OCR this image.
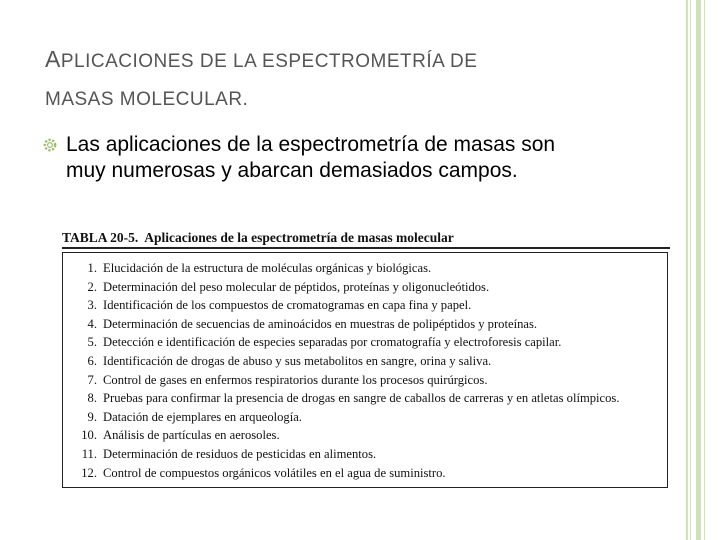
APLICACIONES DE LA ESPECTROMETRÍA DE
MASAS MOLECULAR.
Las aplicaciones de la espectrometría de masas son muy numerosas y abarcan demasiados campos.
TABLA 20-5. Aplicaciones de la espectrometría de masas molecular
1. Elucidación de la estructura de moléculas orgánicas y biológicas.
2. Determinación del peso molecular de péptidos, proteínas y oligonucleótidos.
3. Identificación de los compuestos de cromatogramas en capa fina y papel.
4. Determinación de secuencias de aminoácidos en muestras de polipéptidos y proteínas.
5. Detección e identificación de especies separadas por cromatografía y electroforesis capilar.
6. Identificación de drogas de abuso y sus metabolitos en sangre, orina y saliva.
7. Control de gases en enfermos respiratorios durante los procesos quirúrgicos.
8. Pruebas para confirmar la presencia de drogas en sangre de caballos de carreras y en atletas olímpicos.
9. Datación de ejemplares en arqueología.
10. Análisis de partículas en aerosoles.
11. Determinación de residuos de pesticidas en alimentos.
12. Control de compuestos orgánicos volátiles en el agua de suministro.
